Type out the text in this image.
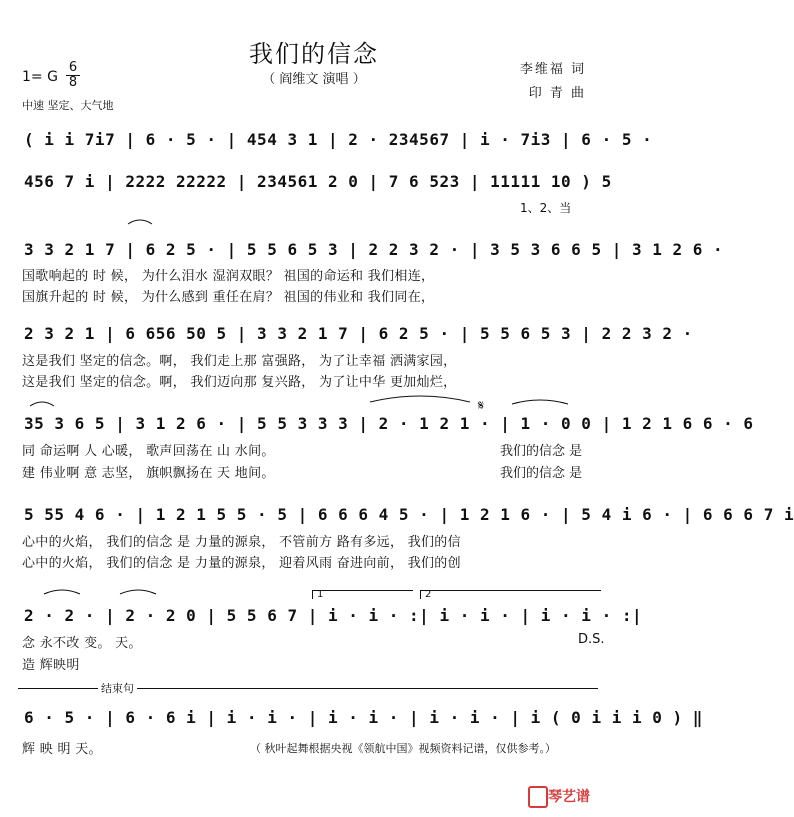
我们的信念
（ 阎维文 演唱 ）
李维福 词
印 青 曲
1= G
6
8
中速 坚定、大气地
( i i 7i7 | 6 · 5 · | 454 3 1 | 2 · 234567 | i · 7i3 | 6 · 5 ·
456 7 i | 2222 22222 | 234561 2 0 | 7 6 523 | 11111 10 ) 5
1、2、当
3 3 2 1 7 | 6 2 5 · | 5 5 6 5 3 | 2 2 3 2 · | 3 5 3 6 6 5 | 3 1 2 6 ·
国歌响起的 时 候， 为什么泪水 湿润双眼？ 祖国的命运和 我们相连，
国旗升起的 时 候， 为什么感到 重任在肩？ 祖国的伟业和 我们同在，
2 3 2 1 | 6 656 50 5 | 3 3 2 1 7 | 6 2 5 · | 5 5 6 5 3 | 2 2 3 2 ·
这是我们 坚定的信念。啊， 我们走上那 富强路， 为了让幸福 洒满家园，
这是我们 坚定的信念。啊， 我们迈向那 复兴路， 为了让中华 更加灿烂，
𝄋
35 3 6 5 | 3 1 2 6 · | 5 5 3 3 3 | 2 · 1 2 1 · | 1 · 0 0 | 1 2 1 6 6 · 6
同 命运啊 人 心暖， 歌声回荡在 山 水间。
建 伟业啊 意 志坚， 旗帜飘扬在 天 地间。
我们的信念 是
我们的信念 是
5 55 4 6 · | 1 2 1 5 5 · 5 | 6 6 6 4 5 · | 1 2 1 6 · | 5 4 i 6 · | 6 6 6 7 i
心中的火焰， 我们的信念 是 力量的源泉， 不管前方 路有多远， 我们的信
心中的火焰， 我们的信念 是 力量的源泉， 迎着风雨 奋进向前， 我们的创
1	2
2 · 2 · | 2 · 2 0 | 5 5 6 7 | i · i · :| i · i · | i · i · :|
念 永不改 变。 天。
造 辉映明
D.S.
结束句
6 · 5 · | 6 · 6 i | i · i · | i · i · | i · i · | i ( 0 i i i 0 ) ‖
辉 映 明 天。	（ 秋叶起舞根据央视《领航中国》视频资料记谱，仅供参考。）
琴艺谱
